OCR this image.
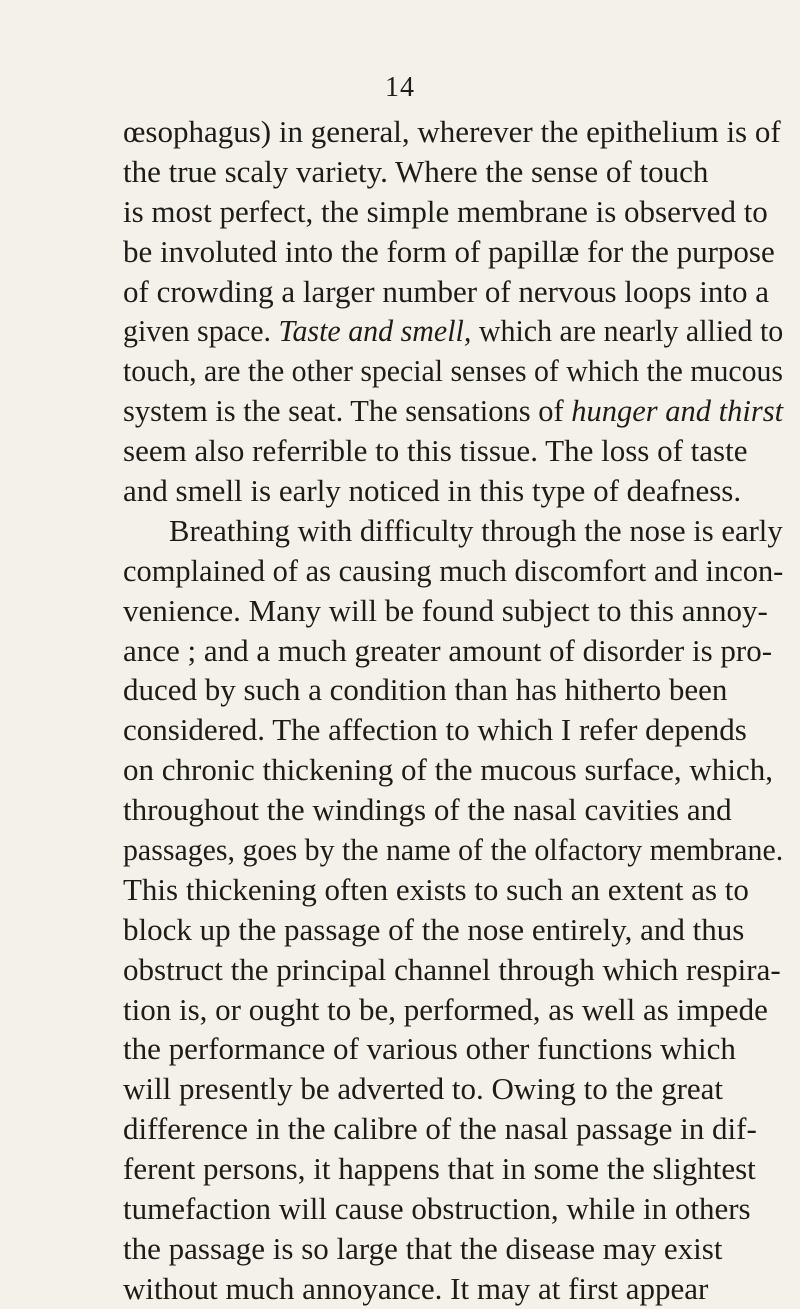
14
œsophagus) in general, wherever the epithelium is of
the true scaly variety. Where the sense of touch
is most perfect, the simple membrane is observed to
be involuted into the form of papillæ for the purpose
of crowding a larger number of nervous loops into a
given space. Taste and smell, which are nearly allied to
touch, are the other special senses of which the mucous
system is the seat. The sensations of hunger and thirst
seem also referrible to this tissue. The loss of taste
and smell is early noticed in this type of deafness.
  Breathing with difficulty through the nose is early
complained of as causing much discomfort and incon-
venience. Many will be found subject to this annoy-
ance ; and a much greater amount of disorder is pro-
duced by such a condition than has hitherto been
considered. The affection to which I refer depends
on chronic thickening of the mucous surface, which,
throughout the windings of the nasal cavities and
passages, goes by the name of the olfactory membrane.
This thickening often exists to such an extent as to
block up the passage of the nose entirely, and thus
obstruct the principal channel through which respira-
tion is, or ought to be, performed, as well as impede
the performance of various other functions which
will presently be adverted to. Owing to the great
difference in the calibre of the nasal passage in dif-
ferent persons, it happens that in some the slightest
tumefaction will cause obstruction, while in others
the passage is so large that the disease may exist
without much annoyance. It may at first appear
